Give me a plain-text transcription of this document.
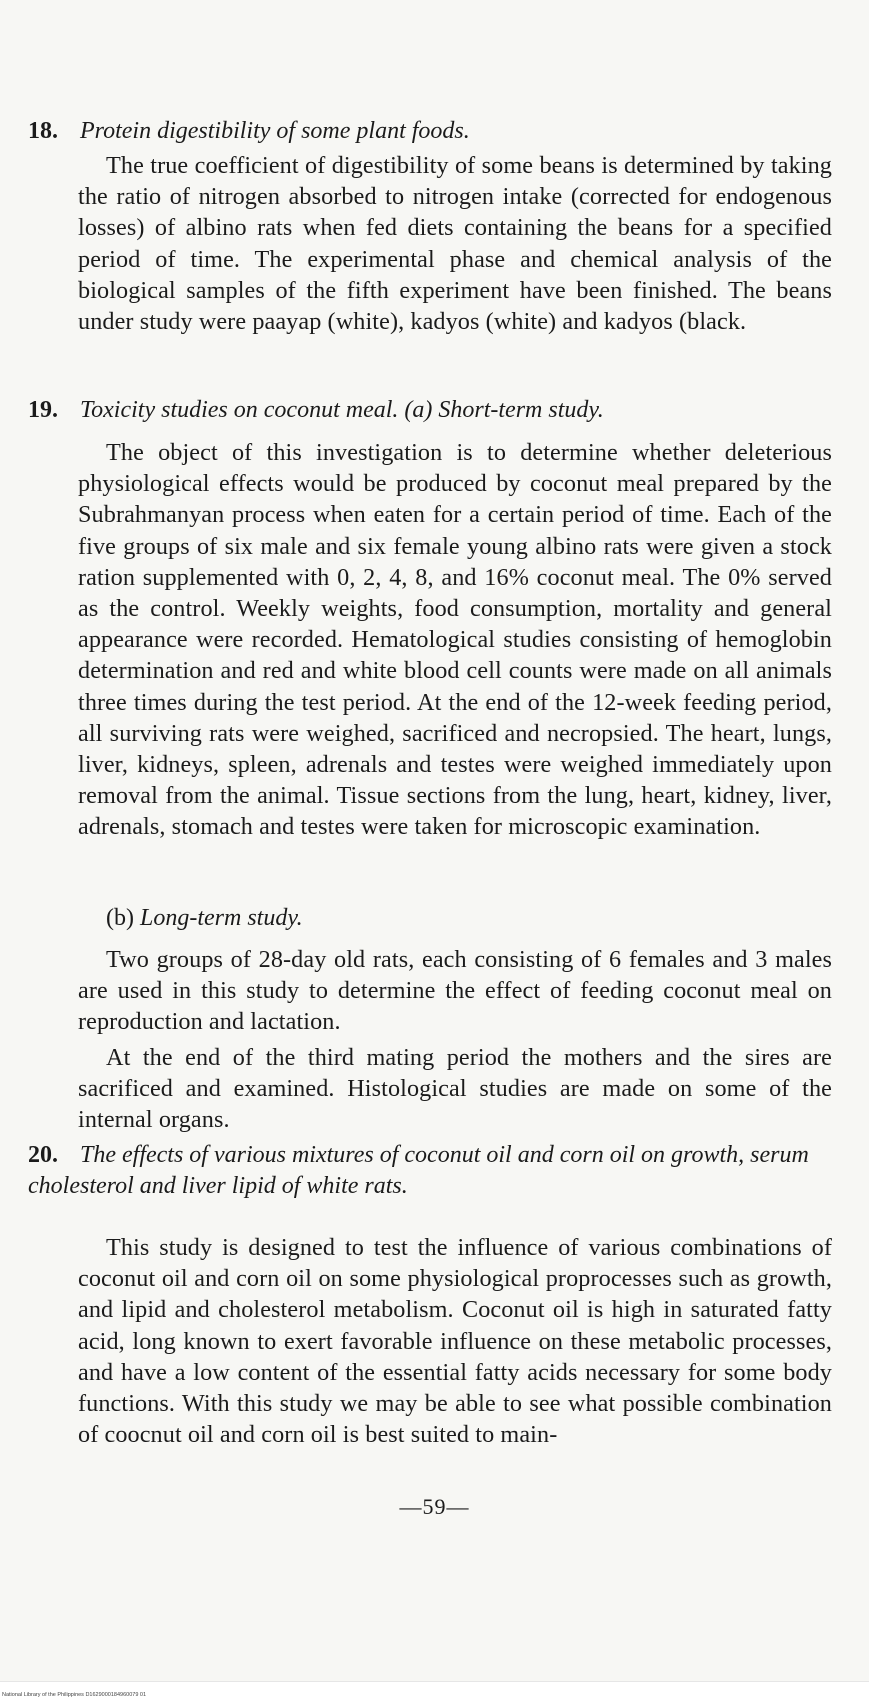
18. Protein digestibility of some plant foods.

The true coefficient of digestibility of some beans is determined by taking the ratio of nitrogen absorbed to nitrogen intake (corrected for endogenous losses) of albino rats when fed diets containing the beans for a specified period of time. The experimental phase and chemical analysis of the biological samples of the fifth experiment have been finished. The beans under study were paayap (white), kadyos (white) and kadyos (black.

19. Toxicity studies on coconut meal. (a) Short-term study.

The object of this investigation is to determine whether deleterious physiological effects would be produced by coconut meal prepared by the Subrahmanyan process when eaten for a certain period of time. Each of the five groups of six male and six female young albino rats were given a stock ration supplemented with 0, 2, 4, 8, and 16% coconut meal. The 0% served as the control. Weekly weights, food consumption, mortality and general appearance were recorded. Hematological studies consisting of hemoglobin determination and red and white blood cell counts were made on all animals three times during the test period. At the end of the 12-week feeding period, all surviving rats were weighed, sacrificed and necropsied. The heart, lungs, liver, kidneys, spleen, adrenals and testes were weighed immediately upon removal from the animal. Tissue sections from the lung, heart, kidney, liver, adrenals, stomach and testes were taken for microscopic examination.

(b) Long-term study.

Two groups of 28-day old rats, each consisting of 6 females and 3 males are used in this study to determine the effect of feeding coconut meal on reproduction and lactation.

At the end of the third mating period the mothers and the sires are sacrificed and examined. Histological studies are made on some of the internal organs.

20. The effects of various mixtures of coconut oil and corn oil on growth, serum cholesterol and liver lipid of white rats.

This study is designed to test the influence of various combinations of coconut oil and corn oil on some physiological proprocesses such as growth, and lipid and cholesterol metabolism. Coconut oil is high in saturated fatty acid, long known to exert favorable influence on these metabolic processes, and have a low content of the essential fatty acids necessary for some body functions. With this study we may be able to see what possible combination of coocnut oil and corn oil is best suited to main-

—59—
National Library of the Philippines D1629000184960079 01
